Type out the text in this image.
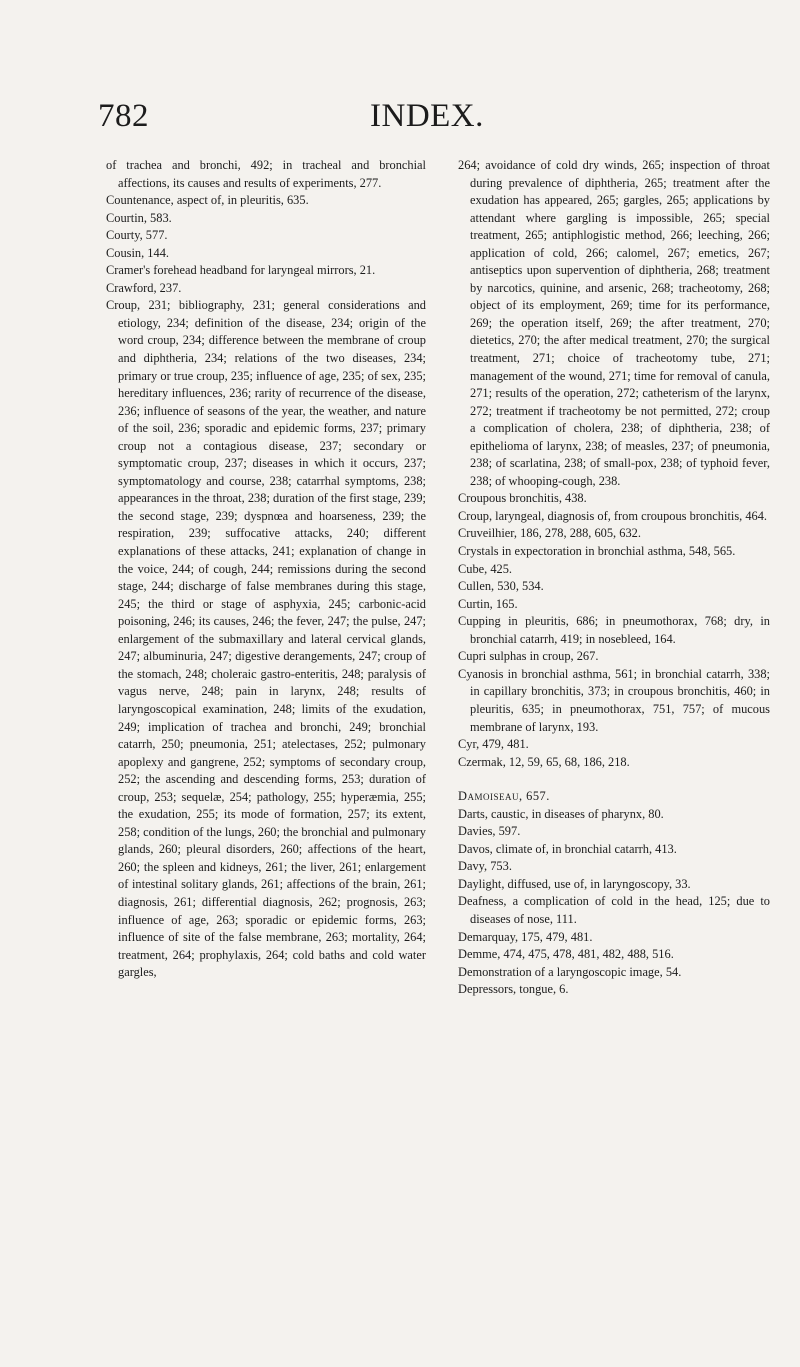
782	INDEX.

of trachea and bronchi, 492; in tracheal and bronchial affections, its causes and results of experiments, 277.

Countenance, aspect of, in pleuritis, 635.

Courtin, 583.

Courty, 577.

Cousin, 144.

Cramer's forehead headband for laryngeal mirrors, 21.

Crawford, 237.

Croup, 231; bibliography, 231; general considerations and etiology, 234; definition of the disease, 234; origin of the word croup, 234; difference between the membrane of croup and diphtheria, 234; relations of the two diseases, 234; primary or true croup, 235; influence of age, 235; of sex, 235; hereditary influences, 236; rarity of recurrence of the disease, 236; influence of seasons of the year, the weather, and nature of the soil, 236; sporadic and epidemic forms, 237; primary croup not a contagious disease, 237; secondary or symptomatic croup, 237; diseases in which it occurs, 237; symptomatology and course, 238; catarrhal symptoms, 238; appearances in the throat, 238; duration of the first stage, 239; the second stage, 239; dyspnœa and hoarseness, 239; the respiration, 239; suffocative attacks, 240; different explanations of these attacks, 241; explanation of change in the voice, 244; of cough, 244; remissions during the second stage, 244; discharge of false membranes during this stage, 245; the third or stage of asphyxia, 245; carbonic-acid poisoning, 246; its causes, 246; the fever, 247; the pulse, 247; enlargement of the submaxillary and lateral cervical glands, 247; albuminuria, 247; digestive derangements, 247; croup of the stomach, 248; choleraic gastro-enteritis, 248; paralysis of vagus nerve, 248; pain in larynx, 248; results of laryngoscopical examination, 248; limits of the exudation, 249; implication of trachea and bronchi, 249; bronchial catarrh, 250; pneumonia, 251; atelectases, 252; pulmonary apoplexy and gangrene, 252; symptoms of secondary croup, 252; the ascending and descending forms, 253; duration of croup, 253; sequelæ, 254; pathology, 255; hyperæmia, 255; the exudation, 255; its mode of formation, 257; its extent, 258; condition of the lungs, 260; the bronchial and pulmonary glands, 260; pleural disorders, 260; affections of the heart, 260; the spleen and kidneys, 261; the liver, 261; enlargement of intestinal solitary glands, 261; affections of the brain, 261; diagnosis, 261; differential diagnosis, 262; prognosis, 263; influence of age, 263; sporadic or epidemic forms, 263; influence of site of the false membrane, 263; mortality, 264; treatment, 264; prophylaxis, 264; cold baths and cold water gargles,

264; avoidance of cold dry winds, 265; inspection of throat during prevalence of diphtheria, 265; treatment after the exudation has appeared, 265; gargles, 265; applications by attendant where gargling is impossible, 265; special treatment, 265; antiphlogistic method, 266; leeching, 266; application of cold, 266; calomel, 267; emetics, 267; antiseptics upon supervention of diphtheria, 268; treatment by narcotics, quinine, and arsenic, 268; tracheotomy, 268; object of its employment, 269; time for its performance, 269; the operation itself, 269; the after treatment, 270; dietetics, 270; the after medical treatment, 270; the surgical treatment, 271; choice of tracheotomy tube, 271; management of the wound, 271; time for removal of canula, 271; results of the operation, 272; catheterism of the larynx, 272; treatment if tracheotomy be not permitted, 272; croup a complication of cholera, 238; of diphtheria, 238; of epithelioma of larynx, 238; of measles, 237; of pneumonia, 238; of scarlatina, 238; of small-pox, 238; of typhoid fever, 238; of whooping-cough, 238.

Croupous bronchitis, 438.

Croup, laryngeal, diagnosis of, from croupous bronchitis, 464.

Cruveilhier, 186, 278, 288, 605, 632.

Crystals in expectoration in bronchial asthma, 548, 565.

Cube, 425.

Cullen, 530, 534.

Curtin, 165.

Cupping in pleuritis, 686; in pneumothorax, 768; dry, in bronchial catarrh, 419; in nosebleed, 164.

Cupri sulphas in croup, 267.

Cyanosis in bronchial asthma, 561; in bronchial catarrh, 338; in capillary bronchitis, 373; in croupous bronchitis, 460; in pleuritis, 635; in pneumothorax, 751, 757; of mucous membrane of larynx, 193.

Cyr, 479, 481.

Czermak, 12, 59, 65, 68, 186, 218.

Damoiseau, 657.

Darts, caustic, in diseases of pharynx, 80.

Davies, 597.

Davos, climate of, in bronchial catarrh, 413.

Davy, 753.

Daylight, diffused, use of, in laryngoscopy, 33.

Deafness, a complication of cold in the head, 125; due to diseases of nose, 111.

Demarquay, 175, 479, 481.

Demme, 474, 475, 478, 481, 482, 488, 516.

Demonstration of a laryngoscopic image, 54.

Depressors, tongue, 6.
